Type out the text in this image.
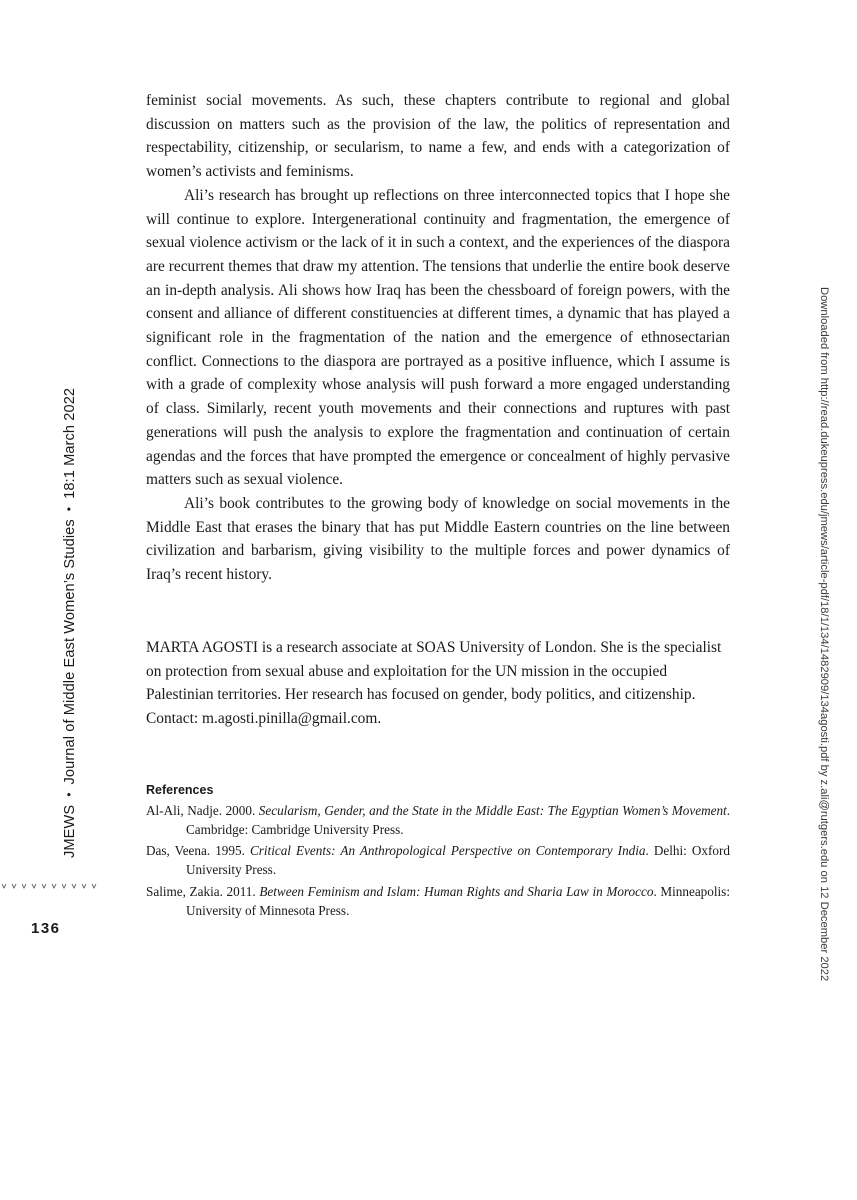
feminist social movements. As such, these chapters contribute to regional and global discussion on matters such as the provision of the law, the politics of representation and respectability, citizenship, or secularism, to name a few, and ends with a categorization of women’s activists and feminisms.

Ali’s research has brought up reflections on three interconnected topics that I hope she will continue to explore. Intergenerational continuity and fragmentation, the emergence of sexual violence activism or the lack of it in such a context, and the experiences of the diaspora are recurrent themes that draw my attention. The tensions that underlie the entire book deserve an in-depth analysis. Ali shows how Iraq has been the chessboard of foreign powers, with the consent and alliance of different constituencies at different times, a dynamic that has played a significant role in the fragmentation of the nation and the emergence of ethnosectarian conflict. Connections to the diaspora are portrayed as a positive influence, which I assume is with a grade of complexity whose analysis will push forward a more engaged understanding of class. Similarly, recent youth movements and their connections and ruptures with past generations will push the analysis to explore the fragmentation and continuation of certain agendas and the forces that have prompted the emergence or concealment of highly pervasive matters such as sexual violence.

Ali’s book contributes to the growing body of knowledge on social movements in the Middle East that erases the binary that has put Middle Eastern countries on the line between civilization and barbarism, giving visibility to the multiple forces and power dynamics of Iraq’s recent history.

MARTA AGOSTI is a research associate at SOAS University of London. She is the specialist on protection from sexual abuse and exploitation for the UN mission in the occupied Palestinian territories. Her research has focused on gender, body politics, and citizenship. Contact: m.agosti.pinilla@gmail.com.

References
Al-Ali, Nadje. 2000. Secularism, Gender, and the State in the Middle East: The Egyptian Women’s Movement. Cambridge: Cambridge University Press.
Das, Veena. 1995. Critical Events: An Anthropological Perspective on Contemporary India. Delhi: Oxford University Press.
Salime, Zakia. 2011. Between Feminism and Islam: Human Rights and Sharia Law in Morocco. Minneapolis: University of Minnesota Press.
JMEWS•Journal of Middle East Women’s Studies•18:1 March 2022
136	Downloaded from http://read.dukeupress.edu/jmews/article-pdf/18/1/134/1482909/134agosti.pdf by z.ali@rutgers.edu on 12 December 2022
